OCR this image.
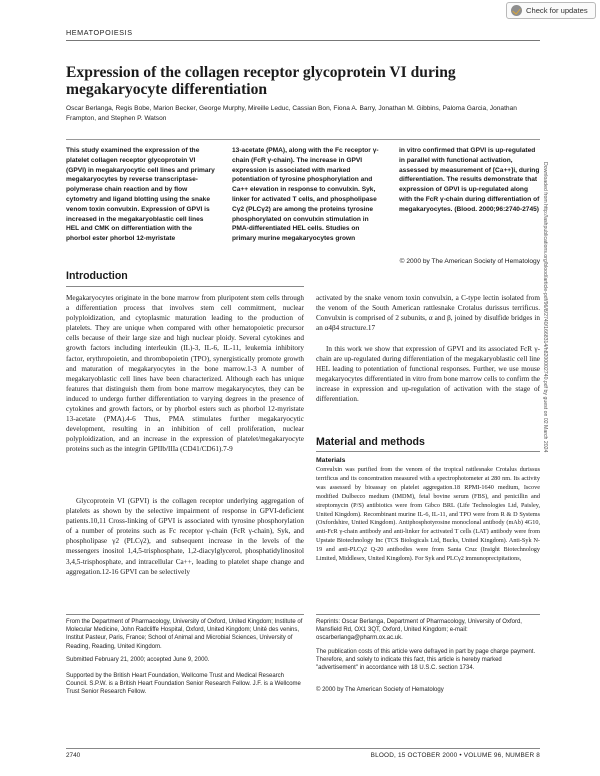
Check for updates
HEMATOPOIESIS
Expression of the collagen receptor glycoprotein VI during megakaryocyte differentiation
Oscar Berlanga, Regis Bobe, Marion Becker, George Murphy, Mireille Leduc, Cassian Bon, Fiona A. Barry, Jonathan M. Gibbins, Paloma Garcia, Jonathan Frampton, and Stephen P. Watson
This study examined the expression of the platelet collagen receptor glycoprotein VI (GPVI) in megakaryocytic cell lines and primary megakaryocytes by reverse transcriptase-polymerase chain reaction and by flow cytometry and ligand blotting using the snake venom toxin convulxin. Expression of GPVI is increased in the megakaryoblastic cell lines HEL and CMK on differentiation with the phorbol ester phorbol 12-myristate
13-acetate (PMA), along with the Fc receptor γ-chain (FcR γ-chain). The increase in GPVI expression is associated with marked potentiation of tyrosine phosphorylation and Ca++ elevation in response to convulxin. Syk, linker for activated T cells, and phospholipase Cγ2 (PLCγ2) are among the proteins tyrosine phosphorylated on convulxin stimulation in PMA-differentiated HEL cells. Studies on primary murine megakaryocytes grown
in vitro confirmed that GPVI is up-regulated in parallel with functional activation, assessed by measurement of [Ca++]i, during differentiation. The results demonstrate that expression of GPVI is up-regulated along with the FcR γ-chain during differentiation of megakaryocytes. (Blood. 2000;96:2740-2745)
© 2000 by The American Society of Hematology Downloaded from http://ashpublications.org/blood/article-pdf/96/8/2740/1668314/h8200002740.pdf by guest on 02 March 2024
Introduction

Megakaryocytes originate in the bone marrow from pluripotent stem cells through a differentiation process that involves stem cell commitment, nuclear polyploidization, and cytoplasmic maturation leading to the production of platelets. They are unique when compared with other hematopoietic precursor cells because of their large size and high nuclear ploidy. Several cytokines and growth factors including interleukin (IL)-3, IL-6, IL-11, leukemia inhibitory factor, erythropoietin, and thrombopoietin (TPO), synergistically promote growth and maturation of megakaryocytes in the bone marrow.1-3 A number of megakaryoblastic cell lines have been characterized. Although each has unique features that distinguish them from bone marrow megakaryocytes, they can be induced to undergo further differentiation to varying degrees in the presence of cytokines and growth factors, or by phorbol esters such as phorbol 12-myristate 13-acetate (PMA).4-6 Thus, PMA stimulates further megakaryocytic development, resulting in an inhibition of cell proliferation, nuclear polyploidization, and an increase in the expression of platelet/megakaryocyte proteins such as the integrin GPIIb/IIIa (CD41/CD61).7-9

Glycoprotein VI (GPVI) is the collagen receptor underlying aggregation of platelets as shown by the selective impairment of response in GPVI-deficient patients.10,11 Cross-linking of GPVI is associated with tyrosine phosphorylation of a number of proteins such as Fc receptor γ-chain (FcR γ-chain), Syk, and phospholipase γ2 (PLCγ2), and subsequent increase in the levels of the messengers inositol 1,4,5-trisphosphate, 1,2-diacylglycerol, phosphatidylinositol 3,4,5-trisphosphate, and intracellular Ca++, leading to platelet shape change and aggregation.12-16 GPVI can be selectively

activated by the snake venom toxin convulxin, a C-type lectin isolated from the venom of the South American rattlesnake Crotalus durissus terrificus. Convulxin is comprised of 2 subunits, α and β, joined by disulfide bridges in an α4β4 structure.17

In this work we show that expression of GPVI and its associated FcR γ-chain are up-regulated during differentiation of the megakaryoblastic cell line HEL leading to potentiation of functional responses. Further, we use mouse megakaryocytes differentiated in vitro from bone marrow cells to confirm the increase in expression and up-regulation of activation with the stage of differentiation.

Material and methods
Materials

Convulxin was purified from the venom of the tropical rattlesnake Crotalus durissus terrificus and its concentration measured with a spectrophotometer at 280 nm. Its activity was assessed by bioassay on platelet aggregation.18 RPMI-1640 medium, Iscove modified Dulbecco medium (IMDM), fetal bovine serum (FBS), and penicillin and streptomycin (P/S) antibiotics were from Gibco BRL (Life Technologies Ltd, Paisley, United Kingdom). Recombinant murine IL-6, IL-11, and TPO were from R & D Systems (Oxfordshire, United Kingdom). Antiphosphotyrosine monoclonal antibody (mAb) 4G10, anti-FcR γ-chain antibody and anti-linker for activated T cells (LAT) antibody were from Upstate Biotechnology Inc (TCS Biologicals Ltd, Bucks, United Kingdom). Anti-Syk N-19 and anti-PLCγ2 Q-20 antibodies were from Santa Cruz (Insight Biotechnology Limited, Middlesex, United Kingdom). For Syk and PLCγ2 immunoprecipitations,

From the Department of Pharmacology, University of Oxford, United Kingdom; Institute of Molecular Medicine, John Radcliffe Hospital, Oxford, United Kingdom; Unité des venins, Institut Pasteur, Paris, France; School of Animal and Microbial Sciences, University of Reading, Reading, United Kingdom.
Submitted February 21, 2000; accepted June 9, 2000.
Supported by the British Heart Foundation, Wellcome Trust and Medical Research Council. S.P.W. is a British Heart Foundation Senior Research Fellow. J.F. is a Wellcome Trust Senior Research Fellow.
Reprints: Oscar Berlanga, Department of Pharmacology, University of Oxford, Mansfield Rd, OX1 3QT, Oxford, United Kingdom; e-mail: oscarberlanga@pharm.ox.ac.uk.
The publication costs of this article were defrayed in part by page charge payment. Therefore, and solely to indicate this fact, this article is hereby marked "advertisement" in accordance with 18 U.S.C. section 1734.
© 2000 by The American Society of Hematology
2740	BLOOD, 15 OCTOBER 2000 • VOLUME 96, NUMBER 8
